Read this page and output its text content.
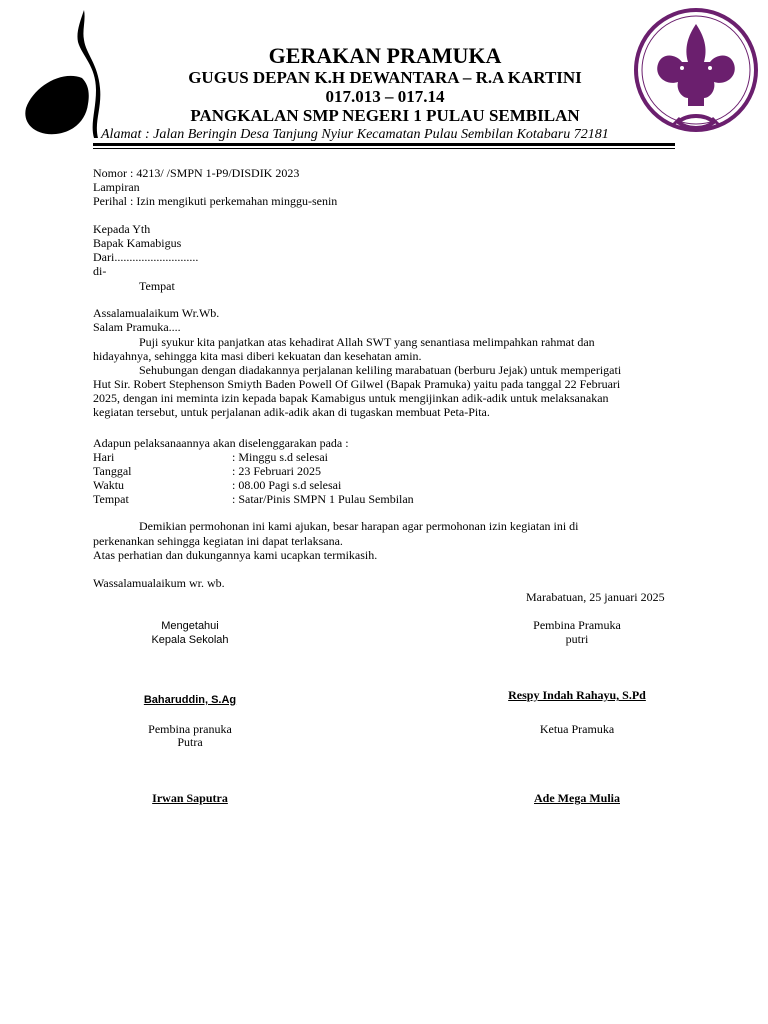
GERAKAN PRAMUKA
GUGUS DEPAN K.H DEWANTARA – R.A KARTINI
017.013 – 017.14
PANGKALAN SMP NEGERI 1 PULAU SEMBILAN
Alamat : Jalan Beringin Desa Tanjung Nyiur Kecamatan Pulau Sembilan Kotabaru 72181
Nomor : 4213/ /SMPN 1-P9/DISDIK 2023
Lampiran
Perihal : Izin mengikuti perkemahan minggu-senin
Kepada Yth
Bapak Kamabigus
Dari............................
di-
Tempat
Assalamualaikum Wr.Wb.
Salam Pramuka....
Puji syukur kita panjatkan atas kehadirat Allah SWT yang senantiasa melimpahkan rahmat dan
hidayahnya, sehingga kita masi diberi kekuatan dan kesehatan amin.
Sehubungan dengan diadakannya perjalanan keliling marabatuan (berburu Jejak) untuk memperigati
Hut Sir. Robert Stephenson Smiyth Baden Powell Of Gilwel (Bapak Pramuka) yaitu pada tanggal 22 Februari
2025, dengan ini meminta izin kepada bapak Kamabigus untuk mengijinkan adik-adik untuk melaksanakan
kegiatan tersebut, untuk perjalanan adik-adik akan di tugaskan membuat Peta-Pita.
Adapun pelaksanaannya akan diselenggarakan pada :
Hari	: Minggu s.d selesai
Tanggal	: 23 Februari 2025
Waktu	: 08.00 Pagi s.d selesai
Tempat	: Satar/Pinis SMPN 1 Pulau Sembilan
Demikian permohonan ini kami ajukan, besar harapan agar permohonan izin kegiatan ini di
perkenankan sehingga kegiatan ini dapat terlaksana.
Atas perhatian dan dukungannya kami ucapkan termikasih.
Wassalamualaikum wr. wb.
Marabatuan, 25 januari 2025
Mengetahui
Kepala Sekolah
Baharuddin, S.Ag
Pembina Pramuka
putri
Respy Indah Rahayu, S.Pd
Pembina pranuka
Putra
Irwan Saputra
Ketua Pramuka
Ade Mega Mulia
